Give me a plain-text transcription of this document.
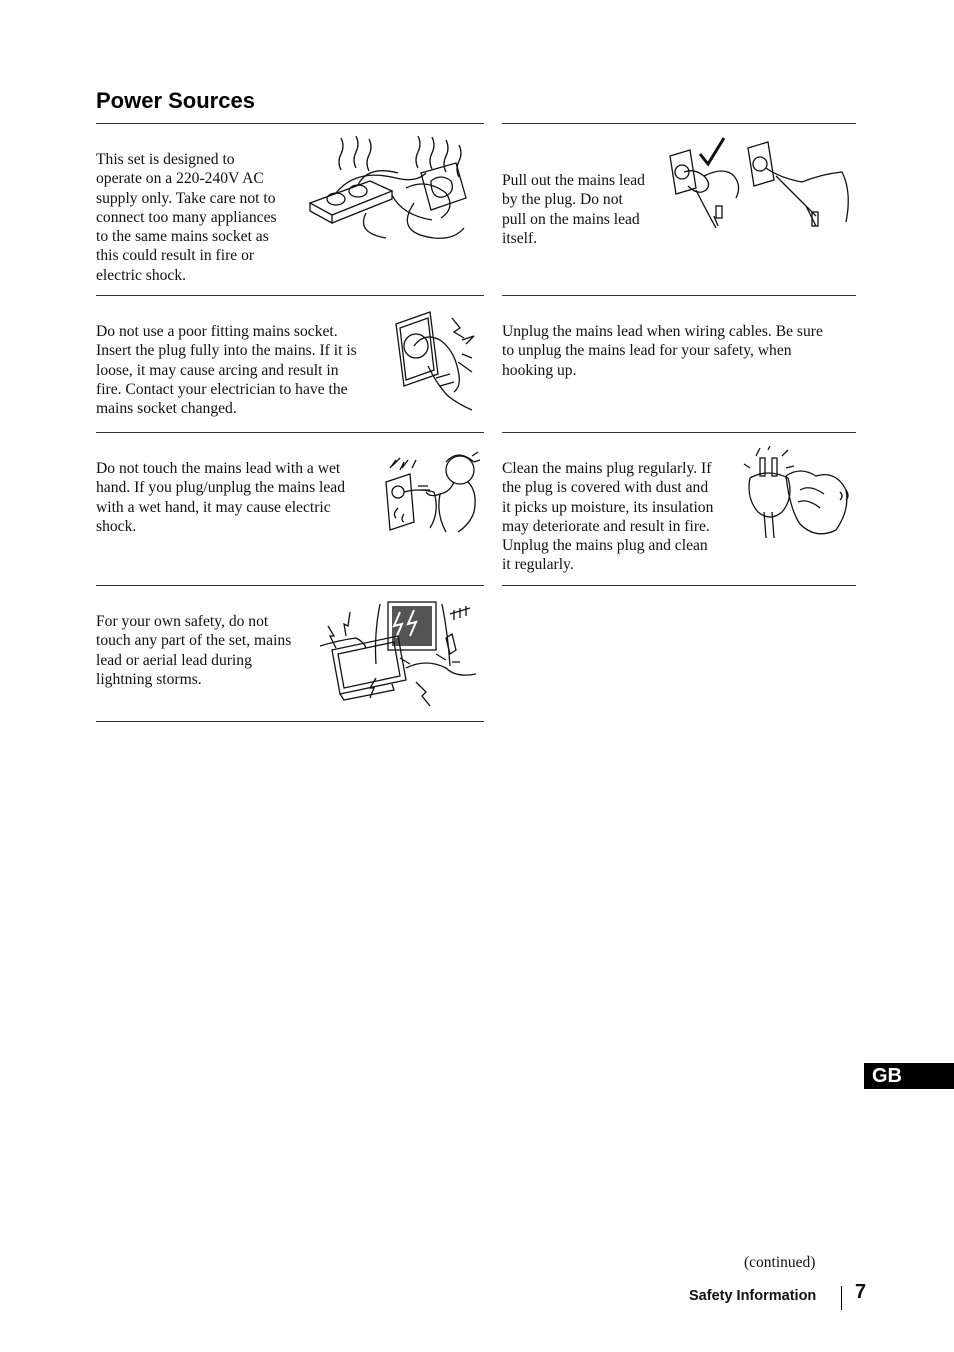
Power Sources
This set is designed to
operate on a 220-240V AC
supply only. Take care not to
connect too many appliances
to the same mains socket as
this could result in fire or
electric shock.
Pull out the mains lead
by the plug. Do not
pull on the mains lead
itself.
Do not use a poor fitting mains socket.
Insert the plug fully into the mains. If it is
loose, it may cause arcing and result in
fire. Contact your electrician to have the
mains socket changed.
Unplug the mains lead when wiring cables. Be sure
to unplug the mains lead for your safety, when
hooking up.
Do not touch the mains lead with a wet
hand. If you plug/unplug the mains lead
with a wet hand, it may cause electric
shock.
Clean the mains plug regularly. If
the plug is covered with dust and
it picks up moisture, its insulation
may deteriorate and result in fire.
Unplug the mains plug and clean
it regularly.
For your own safety, do not
touch any part of the set, mains
lead or aerial lead during
lightning storms.
GB
(continued)
Safety Information 7
